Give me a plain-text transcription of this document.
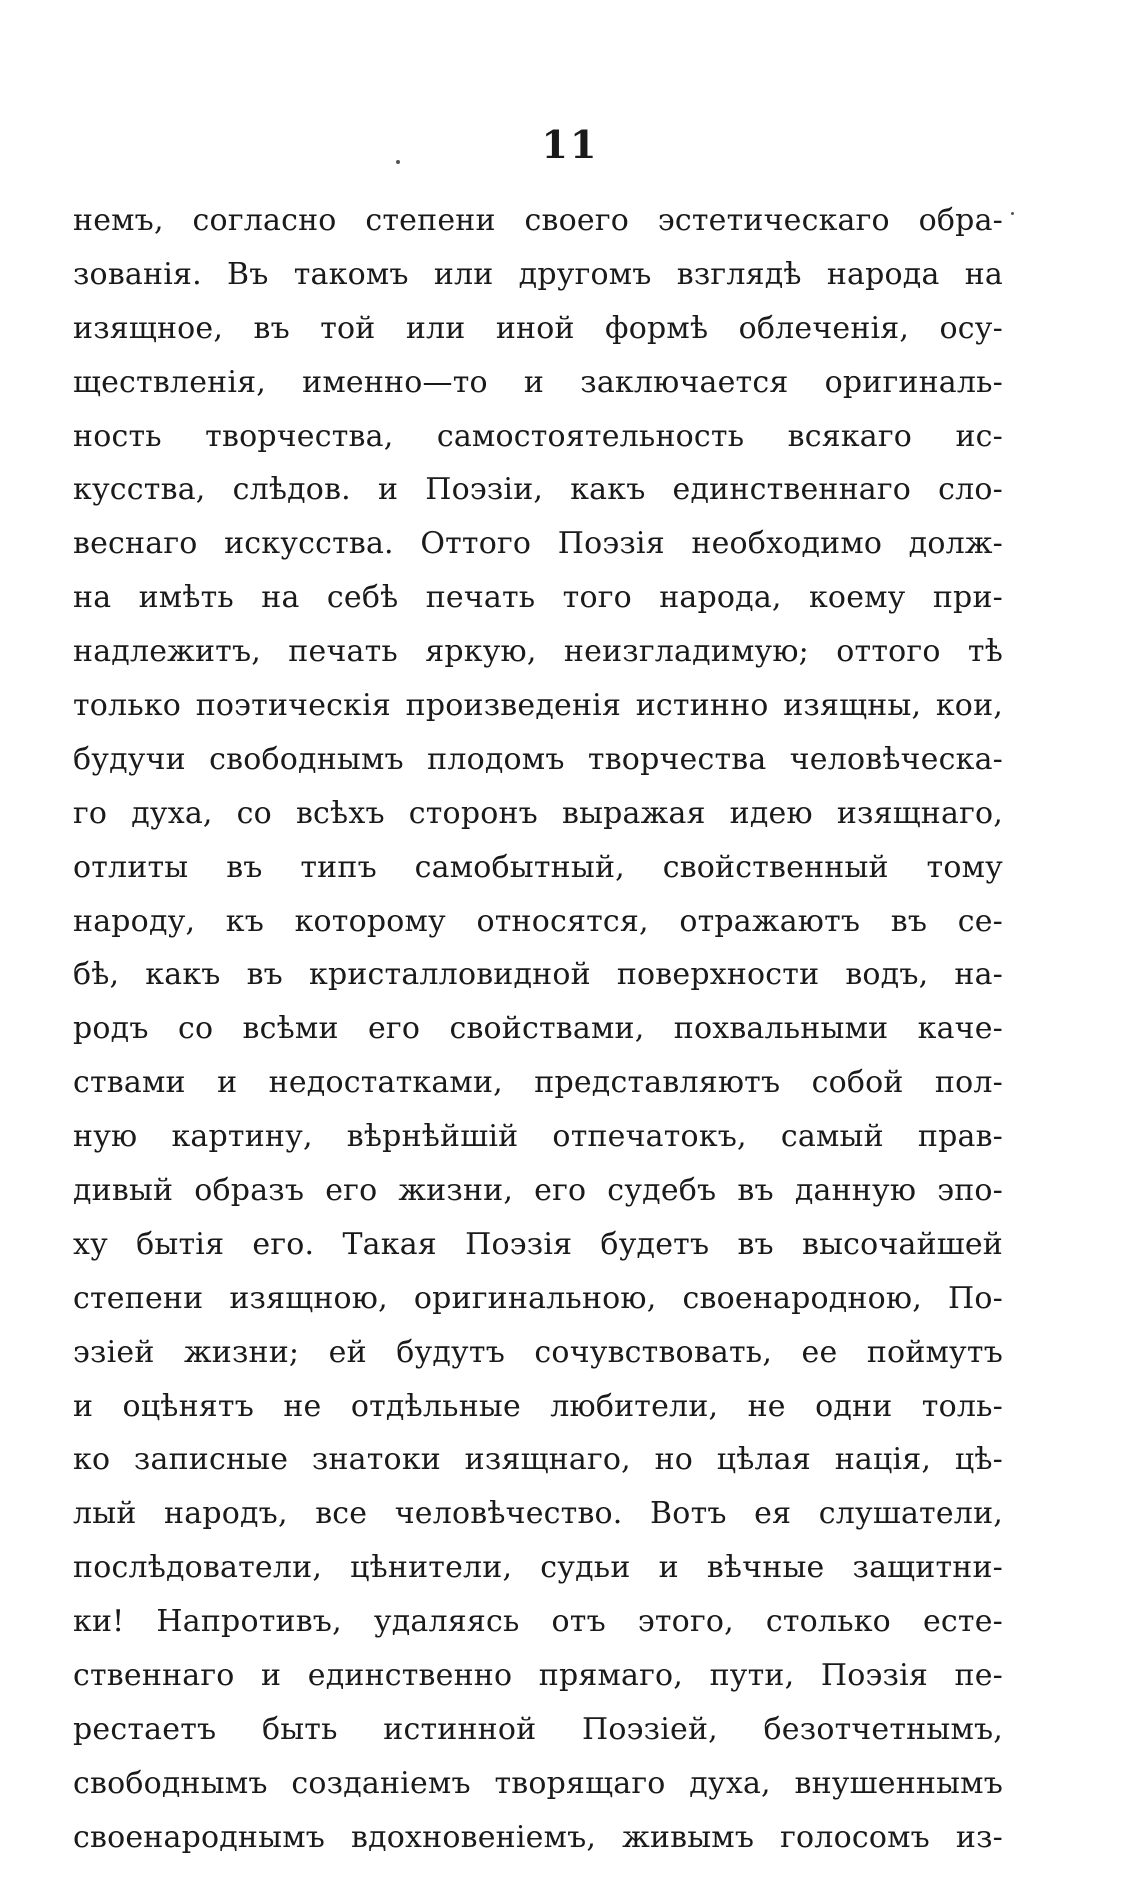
11
немъ, согласно степени своего эстетическаго обра-
зованія. Въ такомъ или другомъ взглядѣ народа на
изящное, въ той или иной формѣ облеченія, осу-
ществленія, именно—то и заключается оригиналь-
ность творчества, самостоятельность всякаго ис-
кусства, слѣдов. и Поэзіи, какъ единственнаго сло-
веснаго искусства. Оттого Поэзія необходимо долж-
на имѣть на себѣ печать того народа, коему при-
надлежитъ, печать яркую, неизгладимую; оттого тѣ
только поэтическія произведенія истинно изящны, кои,
будучи свободнымъ плодомъ творчества человѣческа-
го духа, со всѣхъ сторонъ выражая идею изящнаго,
отлиты въ типъ самобытный, свойственный тому
народу, къ которому относятся, отражаютъ въ се-
бѣ, какъ въ кристалловидной поверхности водъ, на-
родъ со всѣми его свойствами, похвальными каче-
ствами и недостатками, представляютъ собой пол-
ную картину, вѣрнѣйшій отпечатокъ, самый прав-
дивый образъ его жизни, его судебъ въ данную эпо-
ху бытія его. Такая Поэзія будетъ въ высочайшей
степени изящною, оригинальною, своенародною, По-
эзіей жизни; ей будутъ сочувствовать, ее поймутъ
и оцѣнятъ не отдѣльные любители, не одни толь-
ко записные знатоки изящнаго, но цѣлая нація, цѣ-
лый народъ, все человѣчество. Вотъ ея слушатели,
послѣдователи, цѣнители, судьи и вѣчные защитни-
ки! Напротивъ, удаляясь отъ этого, столько есте-
ственнаго и единственно прямаго, пути, Поэзія пе-
рестаетъ быть истинной Поэзіей, безотчетнымъ,
свободнымъ созданіемъ творящаго духа, внушеннымъ
своенароднымъ вдохновеніемъ, живымъ голосомъ из-
